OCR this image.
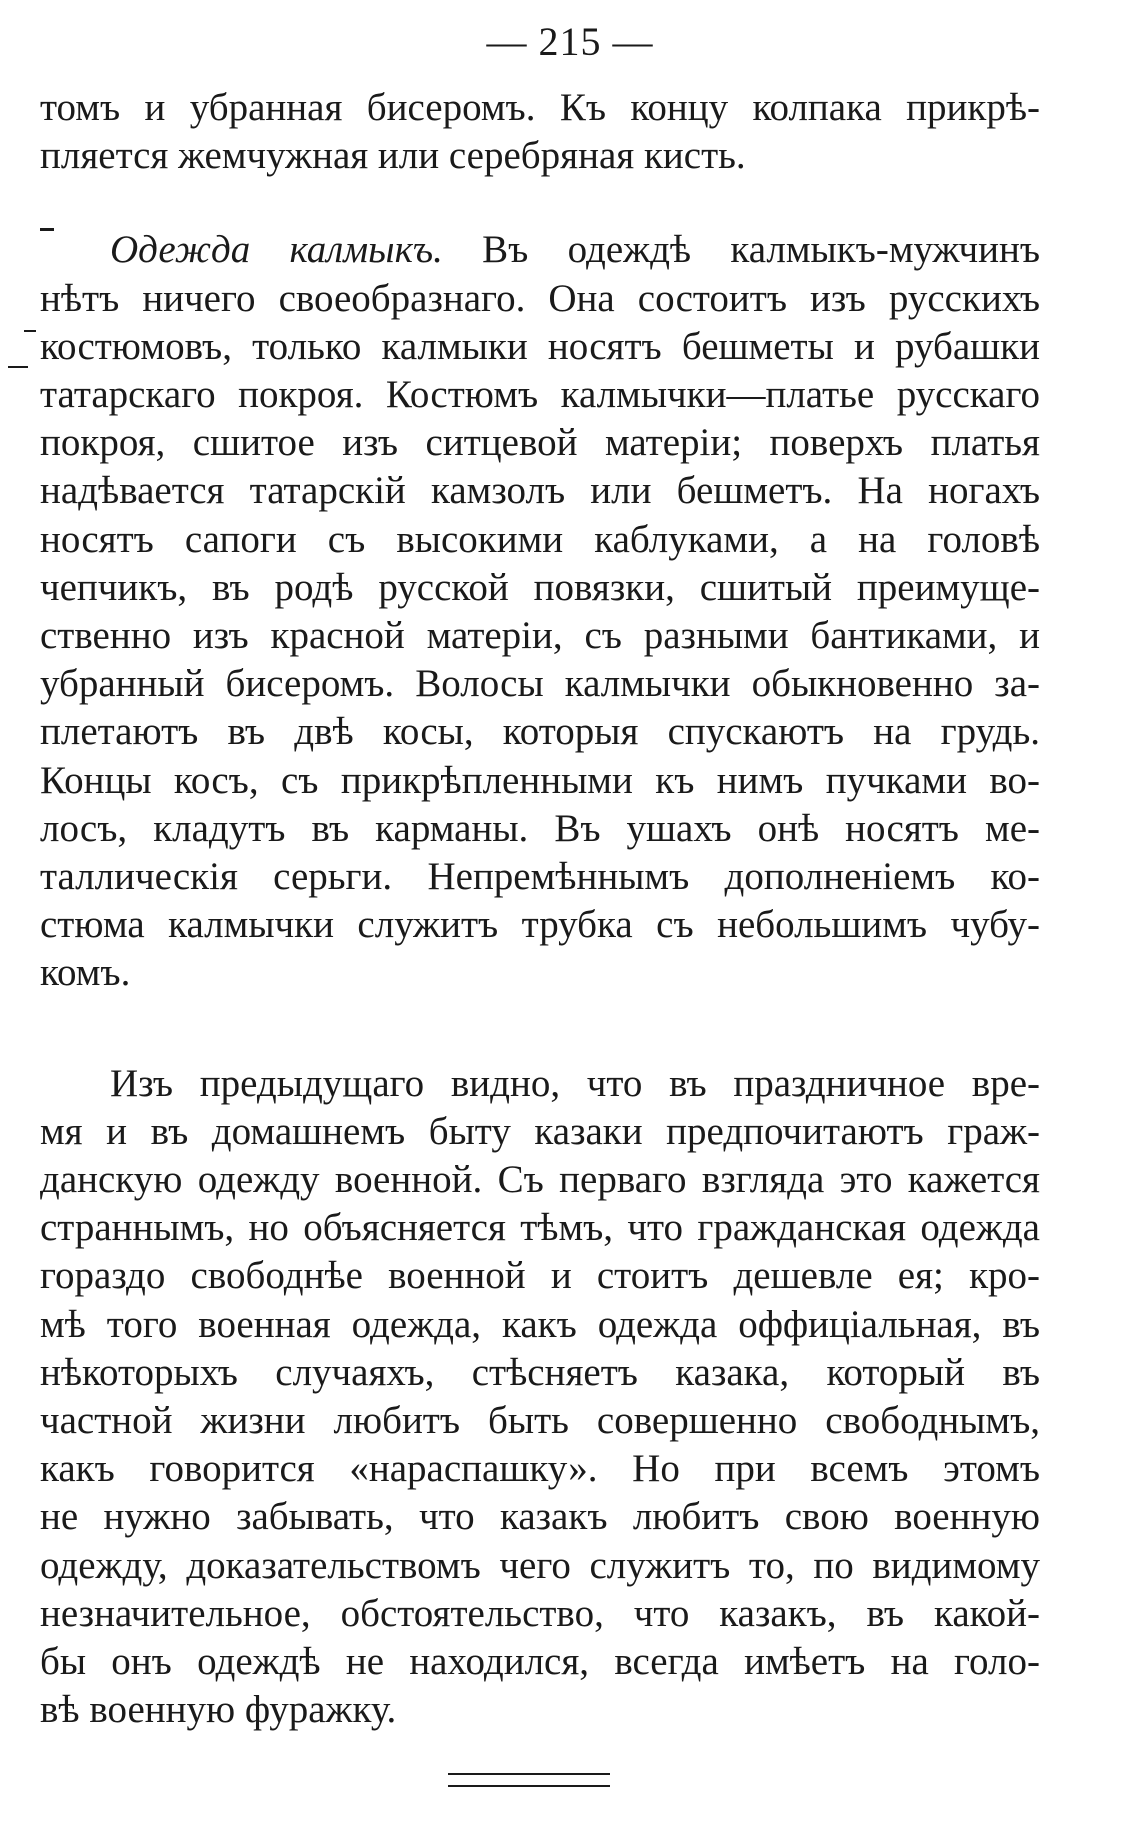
— 215 —
томъ и убранная бисеромъ. Къ концу колпака прикрѣ-
пляется жемчужная или серебряная кисть.
Одежда калмыкъ. Въ одеждѣ калмыкъ-мужчинъ
нѣтъ ничего своеобразнаго. Она состоитъ изъ русскихъ
костюмовъ, только калмыки носятъ бешметы и рубашки
татарскаго покроя. Костюмъ калмычки—платье русскаго
покроя, сшитое изъ ситцевой матеріи; поверхъ платья
надѣвается татарскій камзолъ или бешметъ. На ногахъ
носятъ сапоги съ высокими каблуками, а на головѣ
чепчикъ, въ родѣ русской повязки, сшитый преимуще-
ственно изъ красной матеріи, съ разными бантиками, и
убранный бисеромъ. Волосы калмычки обыкновенно за-
плетаютъ въ двѣ косы, которыя спускаютъ на грудь.
Концы косъ, съ прикрѣпленными къ нимъ пучками во-
лосъ, кладутъ въ карманы. Въ ушахъ онѣ носятъ ме-
таллическія серьги. Непремѣннымъ дополненіемъ ко-
стюма калмычки служитъ трубка съ небольшимъ чубу-
комъ.
Изъ предыдущаго видно, что въ праздничное вре-
мя и въ домашнемъ быту казаки предпочитаютъ граж-
данскую одежду военной. Съ перваго взгляда это кажется
страннымъ, но объясняется тѣмъ, что гражданская одежда
гораздо свободнѣе военной и стоитъ дешевле ея; кро-
мѣ того военная одежда, какъ одежда оффиціальная, въ
нѣкоторыхъ случаяхъ, стѣсняетъ казака, который въ
частной жизни любитъ быть совершенно свободнымъ,
какъ говорится «нараспашку». Но при всемъ этомъ
не нужно забывать, что казакъ любитъ свою военную
одежду, доказательствомъ чего служитъ то, по видимому
незначительное, обстоятельство, что казакъ, въ какой-
бы онъ одеждѣ не находился, всегда имѣетъ на голо-
вѣ военную фуражку.
